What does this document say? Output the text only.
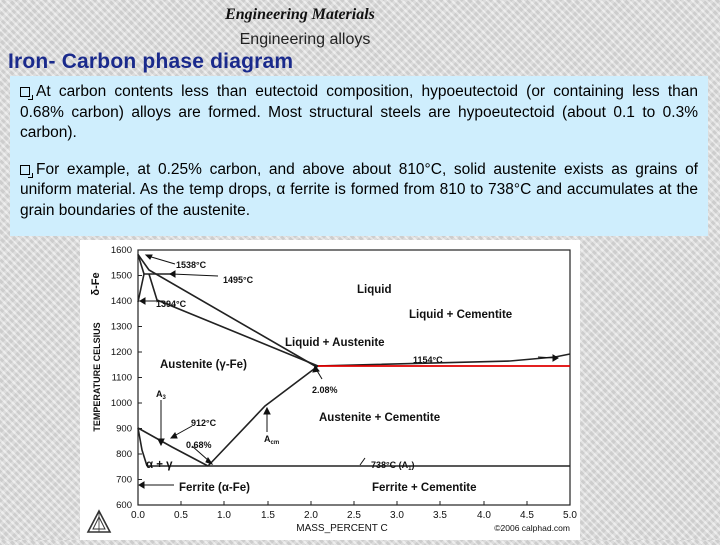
Engineering Materials
Engineering alloys
Iron- Carbon phase diagram

At carbon contents less than eutectoid composition, hypoeutectoid (or containing less than 0.68% carbon) alloys are formed. Most structural steels are hypoeutectoid (about 0.1 to 0.3% carbon).

For example, at 0.25% carbon, and above about 810°C, solid austenite exists as grains of uniform material. As the temp drops, α ferrite is formed from 810 to 738°C and accumulates at the grain boundaries of the austenite.

1600
1500
1400
1300
1200
1100
1000
900
800
700
600
0.0	0.5	1.0	1.5	2.0	2.5	3.0	3.5	4.0	4.5	5.0
TEMPERATURE CELSIUS
δ-Fe
MASS_PERCENT C	©2006 calphad.com
Liquid
Liquid + Cementite
Liquid + Austenite
Austenite (γ-Fe)
Austenite + Cementite
α + γ
Ferrite (α-Fe)	Ferrite + Cementite
1538°C
1495°C
1394°C
1154°C
2.08%
$A_3$
912°C
0.68%
$A_{cm}$
738°C $(A_1)$
